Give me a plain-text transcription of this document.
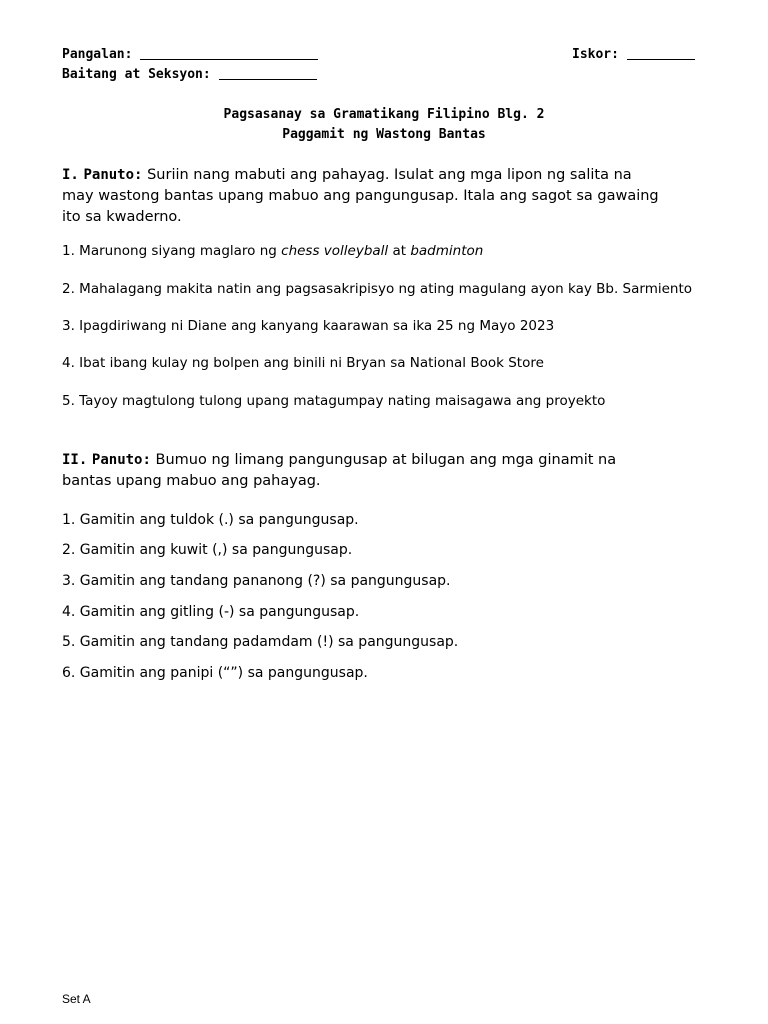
Pangalan:	Iskor:
Baitang at Seksyon:
Pagsasanay sa Gramatikang Filipino Blg. 2
Paggamit ng Wastong Bantas
I. Panuto: Suriin nang mabuti ang pahayag. Isulat ang mga lipon ng salita na may wastong bantas upang mabuo ang pangungusap. Itala ang sagot sa gawaing ito sa kwaderno.
1. Marunong siyang maglaro ng chess volleyball at badminton
2. Mahalagang makita natin ang pagsasakripisyo ng ating magulang ayon kay Bb. Sarmiento
3. Ipagdiriwang ni Diane ang kanyang kaarawan sa ika 25 ng Mayo 2023
4. Ibat ibang kulay ng bolpen ang binili ni Bryan sa National Book Store
5. Tayoy magtulong tulong upang matagumpay nating maisagawa ang proyekto
II. Panuto: Bumuo ng limang pangungusap at bilugan ang mga ginamit na bantas upang mabuo ang pahayag.
1. Gamitin ang tuldok (.) sa pangungusap.
2. Gamitin ang kuwit (,) sa pangungusap.
3. Gamitin ang tandang pananong (?) sa pangungusap.
4. Gamitin ang gitling (-) sa pangungusap.
5. Gamitin ang tandang padamdam (!) sa pangungusap.
6. Gamitin ang panipi (“”) sa pangungusap.
Set A
